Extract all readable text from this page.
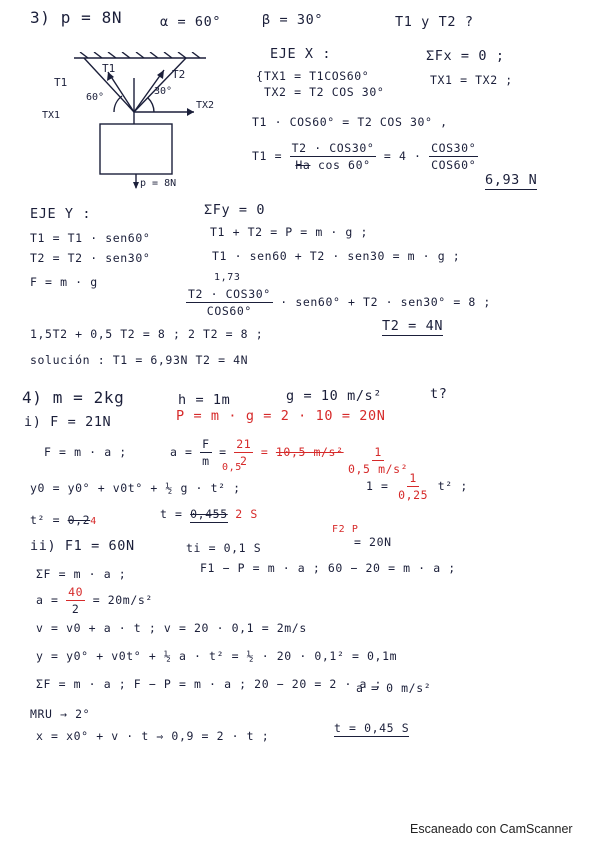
3) p = 8N	α = 60°	β = 30°	T1 y T2 ?
T1
T1	T2
60°
30°
TX1
TX2
p = 8N
EJE X :	ΣFx = 0 ;
{ TX1 = T1COS60°
TX2 = T2 COS 30°
TX1 = TX2 ;
T1 · COS60° = T2 COS 30° ,
$T1 = \frac{\text{T2 · COS30°}}{\text{Ha cos 60°}} = 4 \cdot \frac{\text{COS30°}}{\text{COS60°}}$
6,93 N
EJE Y :	ΣFy = 0
T1 = T1 · sen60°
T2 = T2 · sen30°
F = m · g
T1 + T2 = P = m · g ;
T1 · sen60 + T2 · sen30 = m · g ;
1,73
$\frac{\text{T2 · COS30°}}{\text{COS60°}} \cdot sen60^\circ + T2 \cdot sen30^\circ = 8$ ;
1,5T2 + 0,5 T2 = 8 ; 2 T2 = 8 ;	T2 = 4N
solución : T1 = 6,93N T2 = 4N
4) m = 2kg	h = 1m	g = 10 m/s²	t?
i) F = 21N	P = m · g = 2 · 10 = 20N
F = m · a ;	$a = \frac{F}{m} = \frac{21}{2} = 10,5$ $m/s^2 \frac{1}{\text{0,5 m/s²}}$
0,5
y0 = y0° + v0t° + ½ g · t² ;	$1 = \frac{1}{0,25} t^2$ ;
t² = 0,24
t = 0,455 2 S
ii) F1 = 60N	ti = 0,1 S
F2 P
= 20N
ΣF = m · a ;	F1 − P = m · a ; 60 − 20 = m · a ;
$a = \frac{40}{2} = 20m/s^2$
v = v0 + a · t ; v = 20 · 0,1 = 2m/s
y = y0° + v0t° + ½ a · t² = ½ · 20 · 0,1² = 0,1m
ΣF = m · a ; F − P = m · a ; 20 − 20 = 2 · a ;
a = 0 m/s²
MRU → 2°
x = x0° + v · t ⇒ 0,9 = 2 · t ;
t = 0,45 S
Escaneado con CamScanner
